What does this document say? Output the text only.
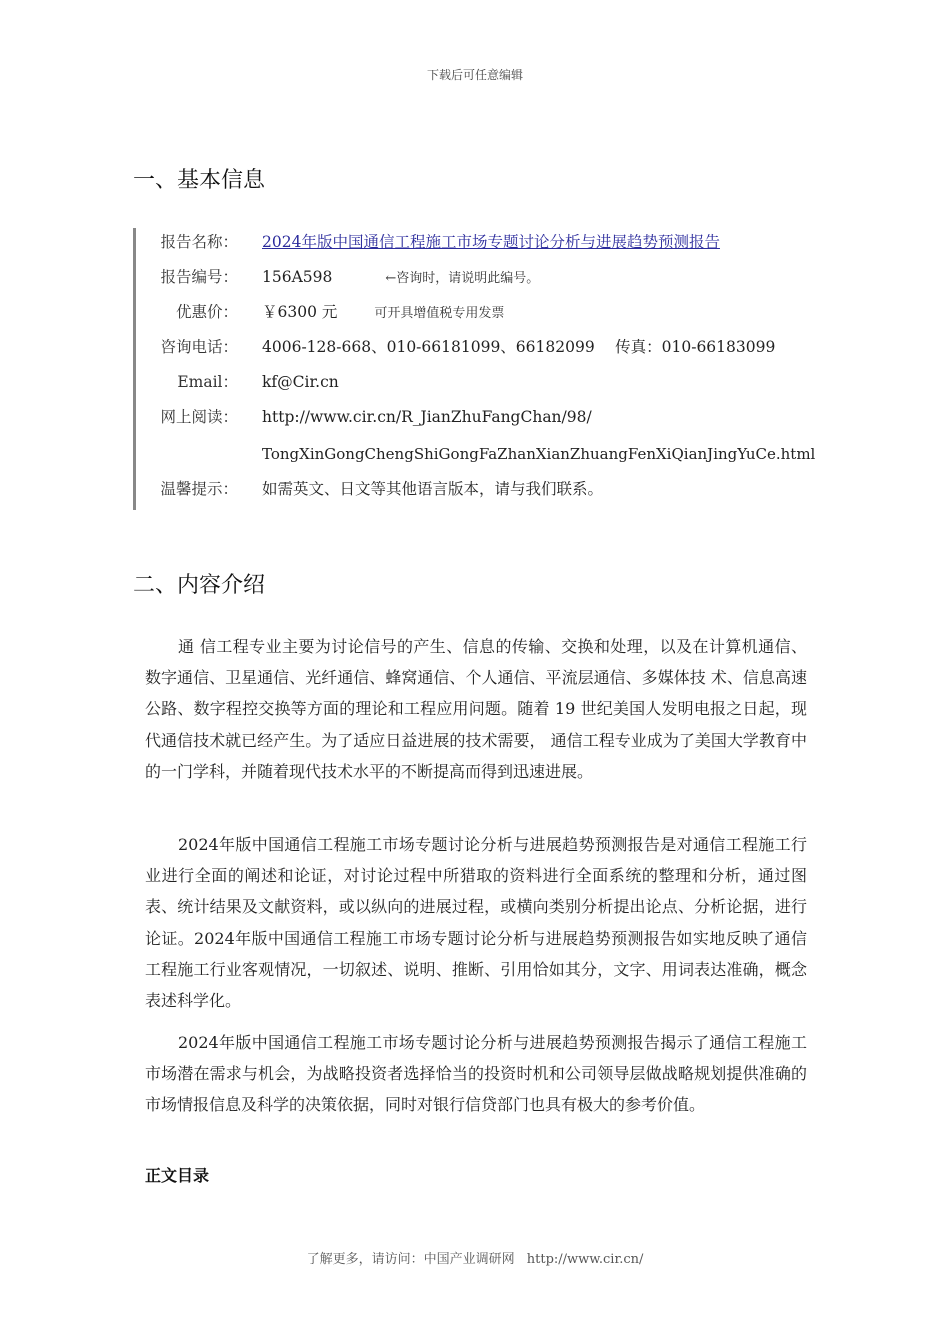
下载后可任意编辑
一、基本信息
报告名称： 2024年版中国通信工程施工市场专题讨论分析与进展趋势预测报告
报告编号： 156A598	←咨询时，请说明此编号。
优惠价： ￥6300 元	可开具增值税专用发票
咨询电话： 4006-128-668、010-66181099、66182099　 传真：010-66183099
Email： kf@Cir.cn
网上阅读： http://www.cir.cn/R_JianZhuFangChan/98/
TongXinGongChengShiGongFaZhanXianZhuangFenXiQianJingYuCe.html
温馨提示： 如需英文、日文等其他语言版本，请与我们联系。
二、内容介绍

通 信工程专业主要为讨论信号的产生、信息的传输、交换和处理，以及在计算机通信、数字通信、卫星通信、光纤通信、蜂窝通信、个人通信、平流层通信、多媒体技 术、信息高速公路、数字程控交换等方面的理论和工程应用问题。随着 19 世纪美国人发明电报之日起，现代通信技术就已经产生。为了适应日益进展的技术需要， 通信工程专业成为了美国大学教育中的一门学科，并随着现代技术水平的不断提高而得到迅速进展。

2024年版中国通信工程施工市场专题讨论分析与进展趋势预测报告是对通信工程施工行业进行全面的阐述和论证，对讨论过程中所猎取的资料进行全面系统的整理和分析，通过图表、统计结果及文献资料，或以纵向的进展过程，或横向类别分析提出论点、分析论据，进行论证。2024年版中国通信工程施工市场专题讨论分析与进展趋势预测报告如实地反映了通信工程施工行业客观情况，一切叙述、说明、推断、引用恰如其分，文字、用词表达准确，概念表述科学化。

2024年版中国通信工程施工市场专题讨论分析与进展趋势预测报告揭示了通信工程施工市场潜在需求与机会，为战略投资者选择恰当的投资时机和公司领导层做战略规划提供准确的市场情报信息及科学的决策依据，同时对银行信贷部门也具有极大的参考价值。

正文目录
了解更多，请访问：中国产业调研网 http://www.cir.cn/
